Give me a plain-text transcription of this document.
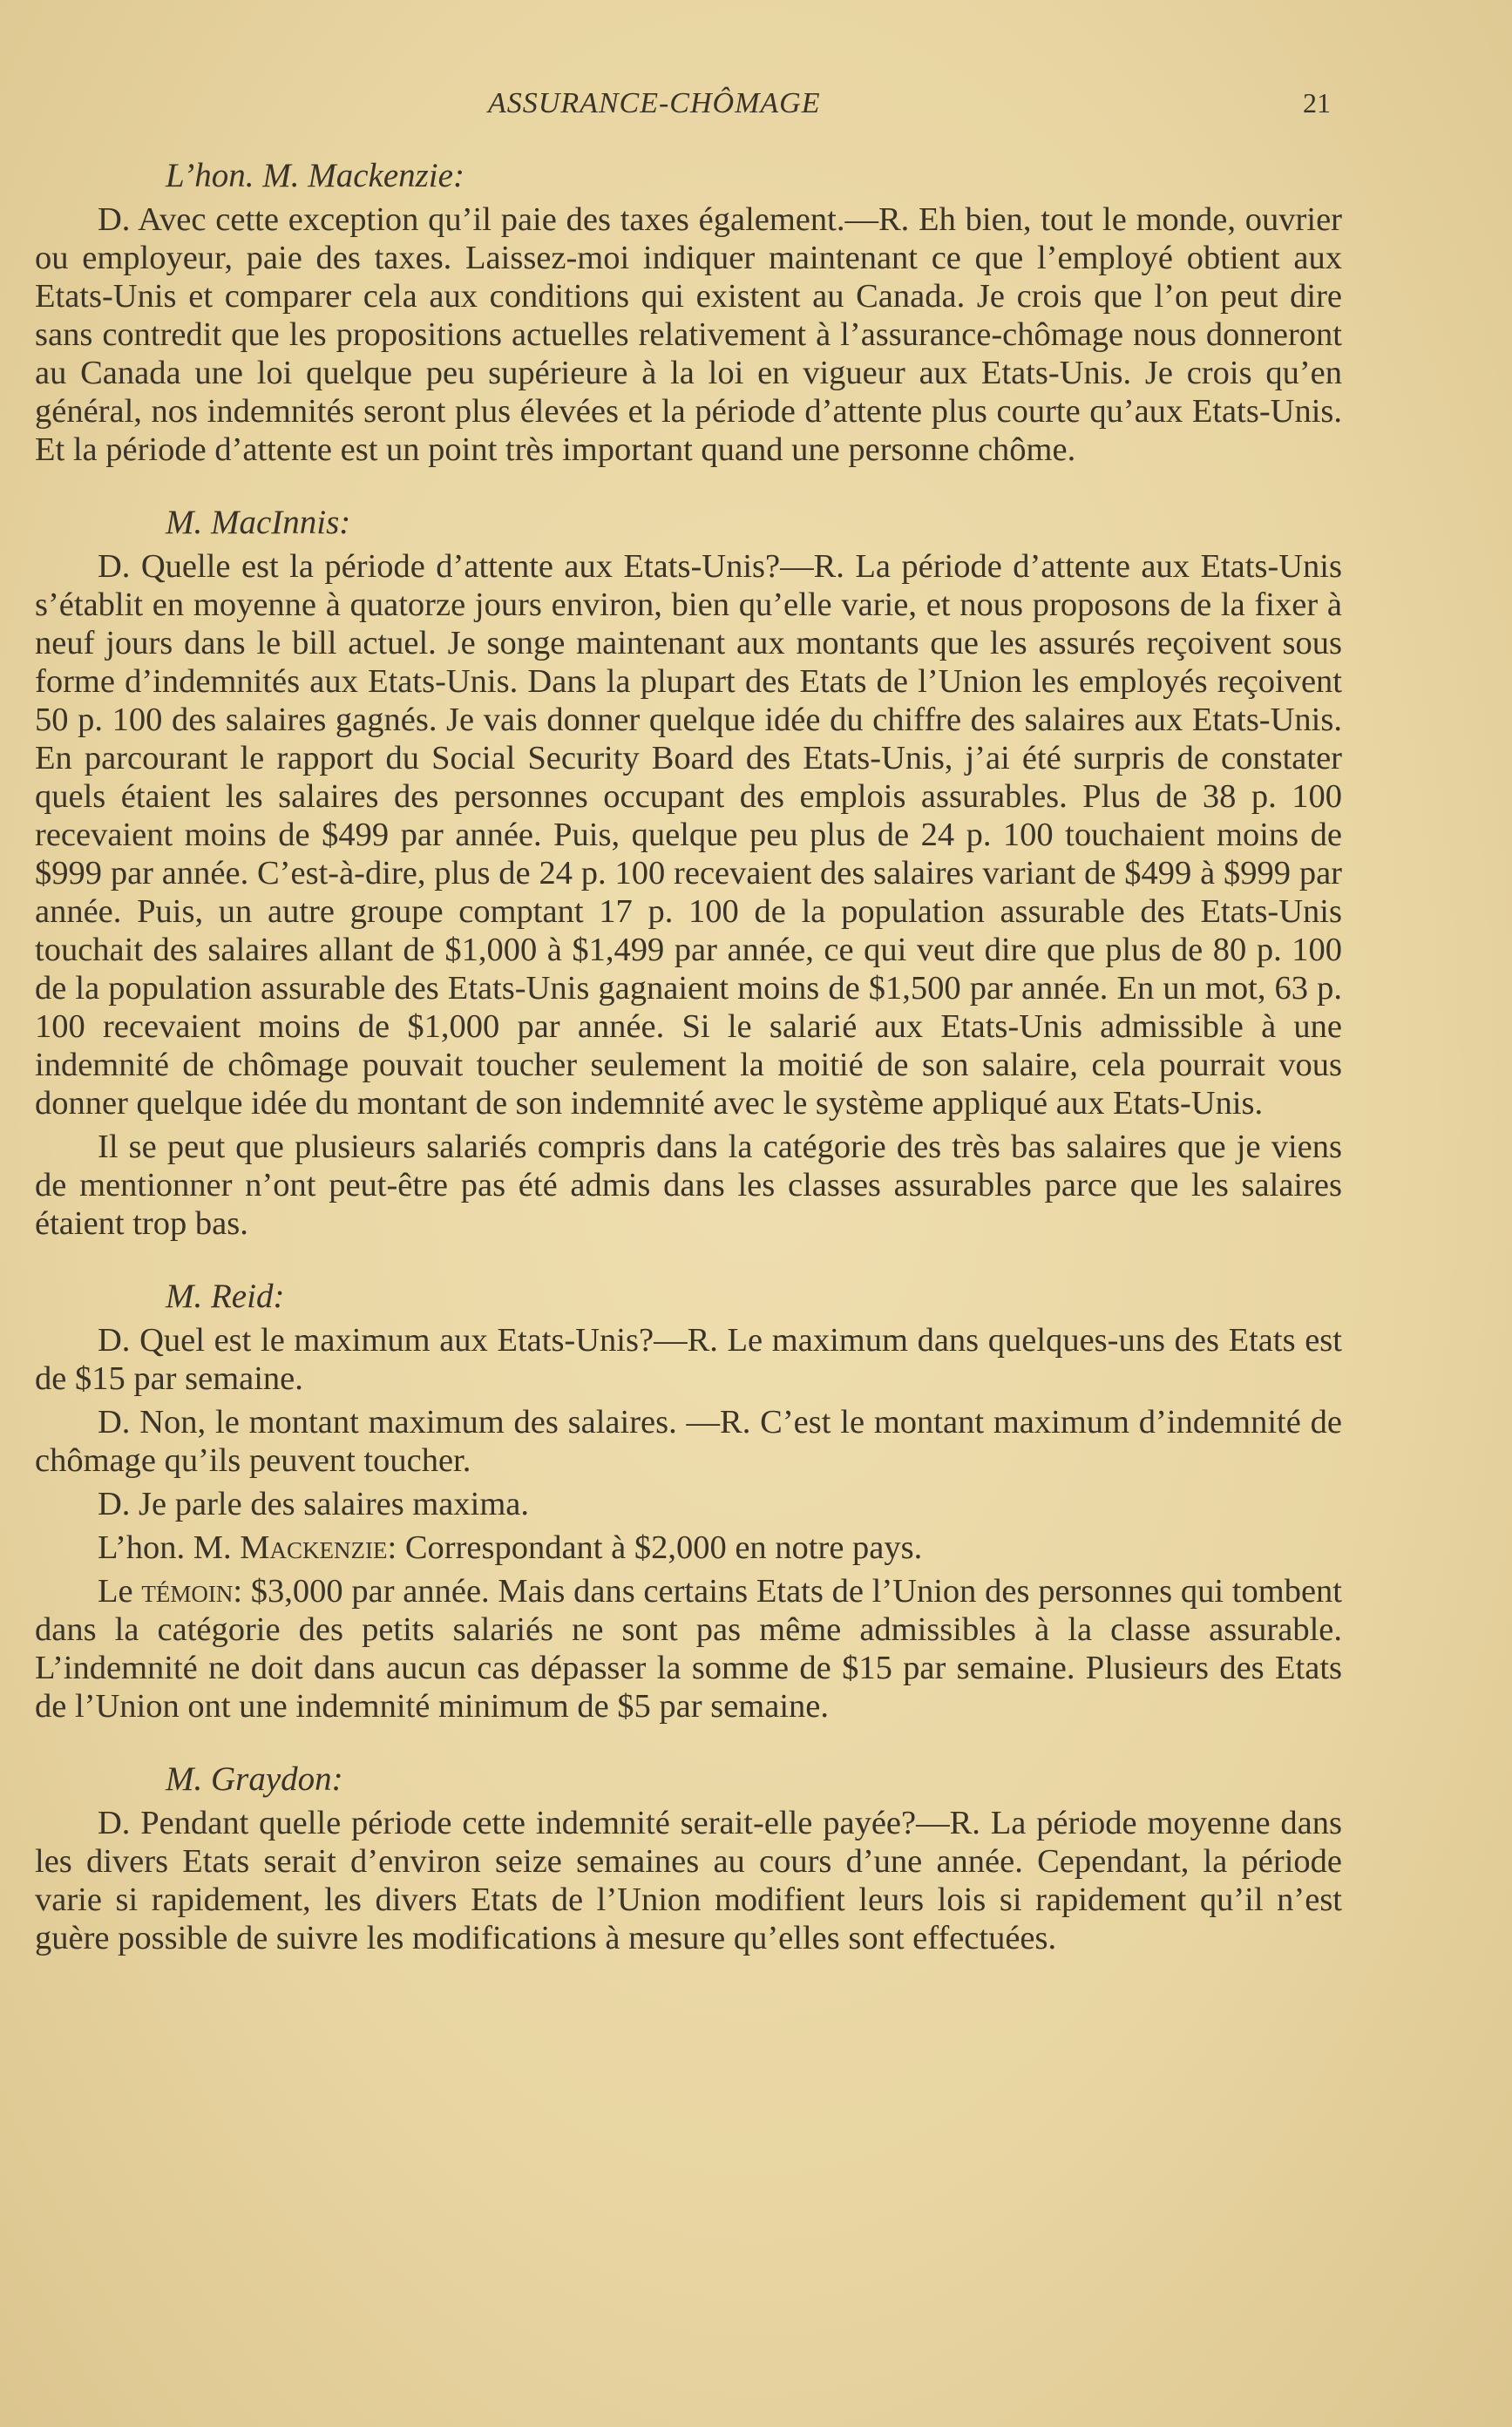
ASSURANCE-CHÔMAGE	21
L’hon. M. Mackenzie:

D. Avec cette exception qu’il paie des taxes également.—R. Eh bien, tout le monde, ouvrier ou employeur, paie des taxes. Laissez-moi indiquer maintenant ce que l’employé obtient aux Etats-Unis et comparer cela aux conditions qui existent au Canada. Je crois que l’on peut dire sans contredit que les propositions actuelles relativement à l’assurance-chômage nous donneront au Canada une loi quelque peu supérieure à la loi en vigueur aux Etats-Unis. Je crois qu’en général, nos indemnités seront plus élevées et la période d’attente plus courte qu’aux Etats-Unis. Et la période d’attente est un point très important quand une personne chôme.

M. MacInnis:

D. Quelle est la période d’attente aux Etats-Unis?—R. La période d’attente aux Etats-Unis s’établit en moyenne à quatorze jours environ, bien qu’elle varie, et nous proposons de la fixer à neuf jours dans le bill actuel. Je songe maintenant aux montants que les assurés reçoivent sous forme d’indemnités aux Etats-Unis. Dans la plupart des Etats de l’Union les employés reçoivent 50 p. 100 des salaires gagnés. Je vais donner quelque idée du chiffre des salaires aux Etats-Unis. En parcourant le rapport du Social Security Board des Etats-Unis, j’ai été surpris de constater quels étaient les salaires des personnes occupant des emplois assurables. Plus de 38 p. 100 recevaient moins de $499 par année. Puis, quelque peu plus de 24 p. 100 touchaient moins de $999 par année. C’est-à-dire, plus de 24 p. 100 recevaient des salaires variant de $499 à $999 par année. Puis, un autre groupe comptant 17 p. 100 de la population assurable des Etats-Unis touchait des salaires allant de $1,000 à $1,499 par année, ce qui veut dire que plus de 80 p. 100 de la population assurable des Etats-Unis gagnaient moins de $1,500 par année. En un mot, 63 p. 100 recevaient moins de $1,000 par année. Si le salarié aux Etats-Unis admissible à une indemnité de chômage pouvait toucher seulement la moitié de son salaire, cela pourrait vous donner quelque idée du montant de son indemnité avec le système appliqué aux Etats-Unis.

Il se peut que plusieurs salariés compris dans la catégorie des très bas salaires que je viens de mentionner n’ont peut-être pas été admis dans les classes assurables parce que les salaires étaient trop bas.

M. Reid:

D. Quel est le maximum aux Etats-Unis?—R. Le maximum dans quelques-uns des Etats est de $15 par semaine.

D. Non, le montant maximum des salaires. —R. C’est le montant maximum d’indemnité de chômage qu’ils peuvent toucher.

D. Je parle des salaires maxima.

L’hon. M. Mackenzie: Correspondant à $2,000 en notre pays.

Le témoin: $3,000 par année. Mais dans certains Etats de l’Union des personnes qui tombent dans la catégorie des petits salariés ne sont pas même admissibles à la classe assurable. L’indemnité ne doit dans aucun cas dépasser la somme de $15 par semaine. Plusieurs des Etats de l’Union ont une indemnité minimum de $5 par semaine.

M. Graydon:

D. Pendant quelle période cette indemnité serait-elle payée?—R. La période moyenne dans les divers Etats serait d’environ seize semaines au cours d’une année. Cependant, la période varie si rapidement, les divers Etats de l’Union modifient leurs lois si rapidement qu’il n’est guère possible de suivre les modifications à mesure qu’elles sont effectuées.
